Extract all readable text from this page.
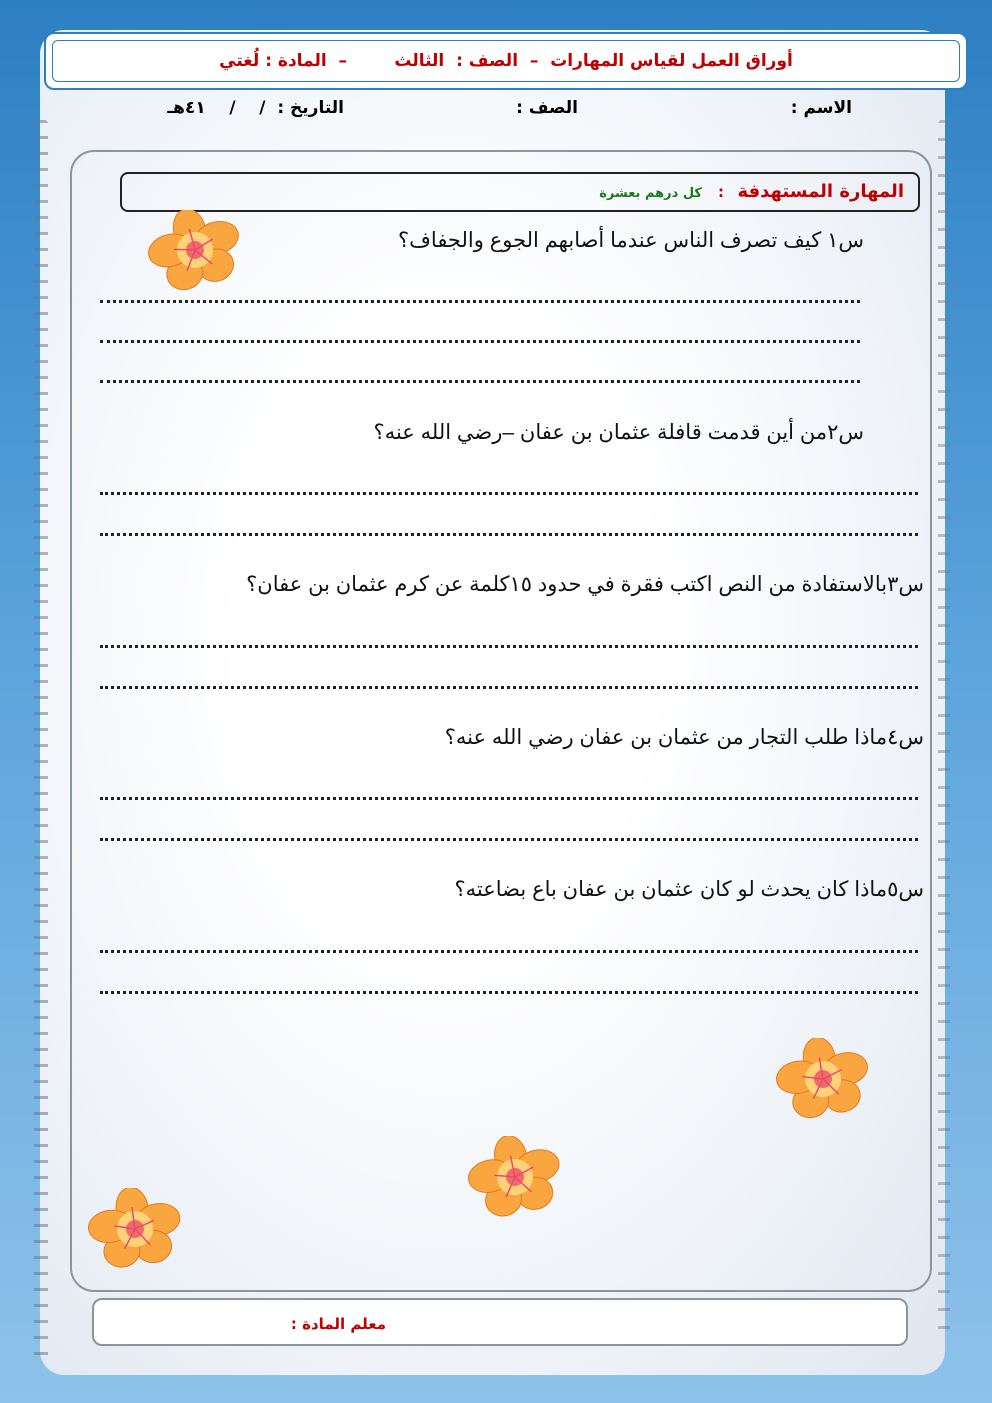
أوراق العمل لقياس المهارات  –  الصف :  الثالث        –  المادة : لُغتي
الاسم :
الصف :
التاريخ :  /    /    ٤١هـ
المهارة المستهدفة
:
كل درهم بعشرة
س١ كيف تصرف الناس عندما أصابهم الجوع والجفاف؟
س٢من أين قدمت قافلة عثمان بن عفان –رضي الله عنه؟
س٣بالاستفادة من النص اكتب فقرة في حدود ١٥كلمة عن كرم عثمان بن عفان؟
س٤ماذا طلب التجار من عثمان بن عفان رضي الله عنه؟
س٥ماذا كان يحدث لو كان عثمان بن عفان باع بضاعته؟
معلم المادة :
